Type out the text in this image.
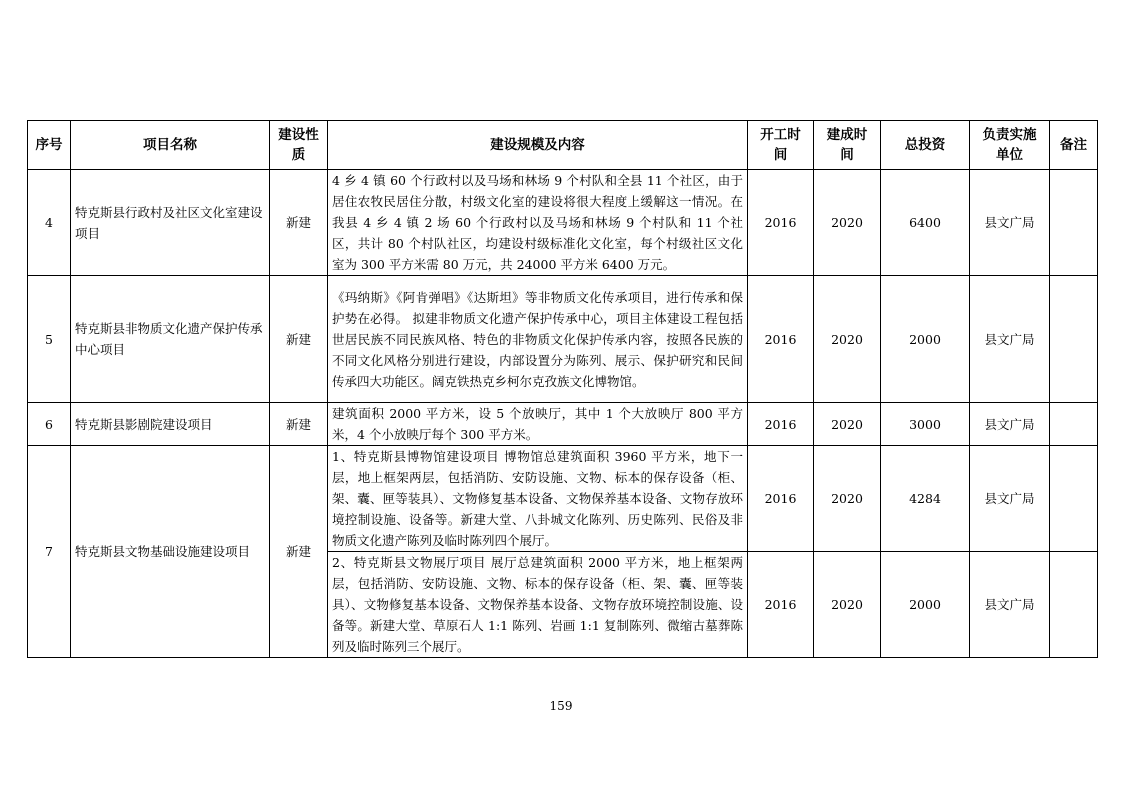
序号	项目名称	建设性质	建设规模及内容	开工时间	建成时间	总投资	负责实施单位	备注
4	特克斯县行政村及社区文化室建设项目	新建	4 乡 4 镇 60 个行政村以及马场和林场 9 个村队和全县 11 个社区，由于居住农牧民居住分散，村级文化室的建设将很大程度上缓解这一情况。在我县 4 乡 4 镇 2 场 60 个行政村以及马场和林场 9 个村队和 11 个社区，共计 80 个村队社区，均建设村级标准化文化室，每个村级社区文化室为 300 平方米需 80 万元，共 24000 平方米 6400 万元。	2016	2020	6400	县文广局	
5	特克斯县非物质文化遗产保护传承中心项目	新建	《玛纳斯》《阿肯弹唱》《达斯坦》等非物质文化传承项目，进行传承和保护势在必得。 拟建非物质文化遗产保护传承中心，项目主体建设工程包括世居民族不同民族风格、特色的非物质文化保护传承内容，按照各民族的不同文化风格分别进行建设，内部设置分为陈列、展示、保护研究和民间传承四大功能区。阔克铁热克乡柯尔克孜族文化博物馆。	2016	2020	2000	县文广局	
6	特克斯县影剧院建设项目	新建	建筑面积 2000 平方米，设 5 个放映厅，其中 1 个大放映厅 800 平方米，4 个小放映厅每个 300 平方米。	2016	2020	3000	县文广局	
7	特克斯县文物基础设施建设项目	新建	1、特克斯县博物馆建设项目 博物馆总建筑面积 3960 平方米，地下一层，地上框架两层，包括消防、安防设施、文物、标本的保存设备（柜、架、囊、匣等装具）、文物修复基本设备、文物保养基本设备、文物存放环境控制设施、设备等。新建大堂、八卦城文化陈列、历史陈列、民俗及非物质文化遗产陈列及临时陈列四个展厅。	2016	2020	4284	县文广局	
			2、特克斯县文物展厅项目 展厅总建筑面积 2000 平方米，地上框架两层，包括消防、安防设施、文物、标本的保存设备（柜、架、囊、匣等装具）、文物修复基本设备、文物保养基本设备、文物存放环境控制设施、设备等。新建大堂、草原石人 1:1 陈列、岩画 1:1 复制陈列、微缩古墓葬陈列及临时陈列三个展厅。	2016	2020	2000	县文广局	
159
